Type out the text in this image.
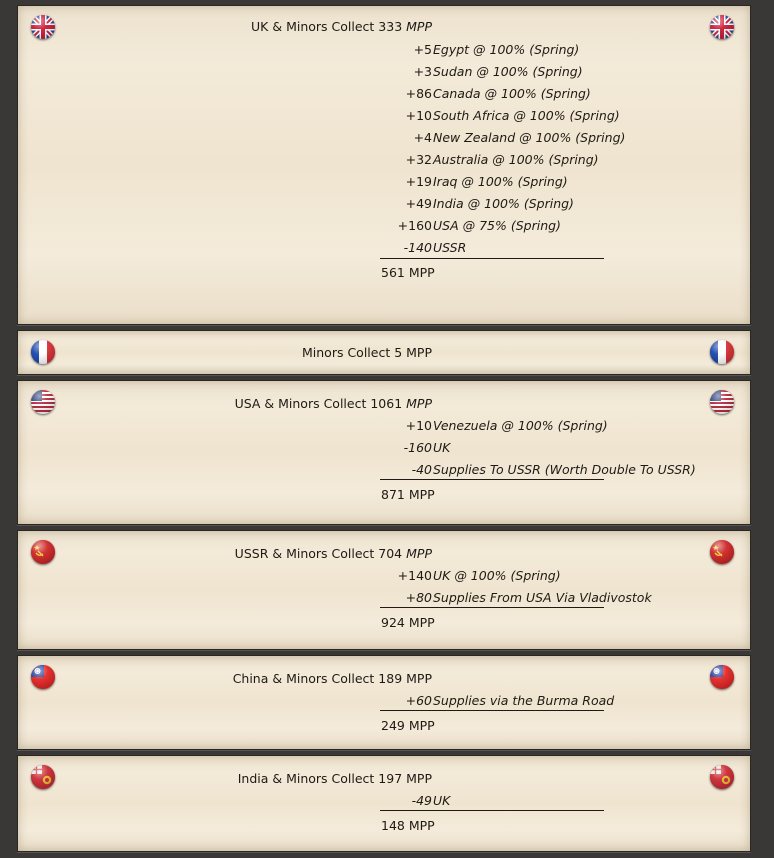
UK & Minors Collect 333 MPP
+5 Egypt @ 100% (Spring)
+3 Sudan @ 100% (Spring)
+86 Canada @ 100% (Spring)
+10 South Africa @ 100% (Spring)
+4 New Zealand @ 100% (Spring)
+32 Australia @ 100% (Spring)
+19 Iraq @ 100% (Spring)
+49 India @ 100% (Spring)
+160 USA @ 75% (Spring)
-140 USSR
561 MPP
Minors Collect 5 MPP
USA & Minors Collect 1061 MPP
+10 Venezuela @ 100% (Spring)
-160 UK
-40 Supplies To USSR (Worth Double To USSR)
871 MPP
USSR & Minors Collect 704 MPP
+140 UK @ 100% (Spring)
+80 Supplies From USA Via Vladivostok
924 MPP
China & Minors Collect 189 MPP
+60 Supplies via the Burma Road
249 MPP
India & Minors Collect 197 MPP
-49 UK
148 MPP
